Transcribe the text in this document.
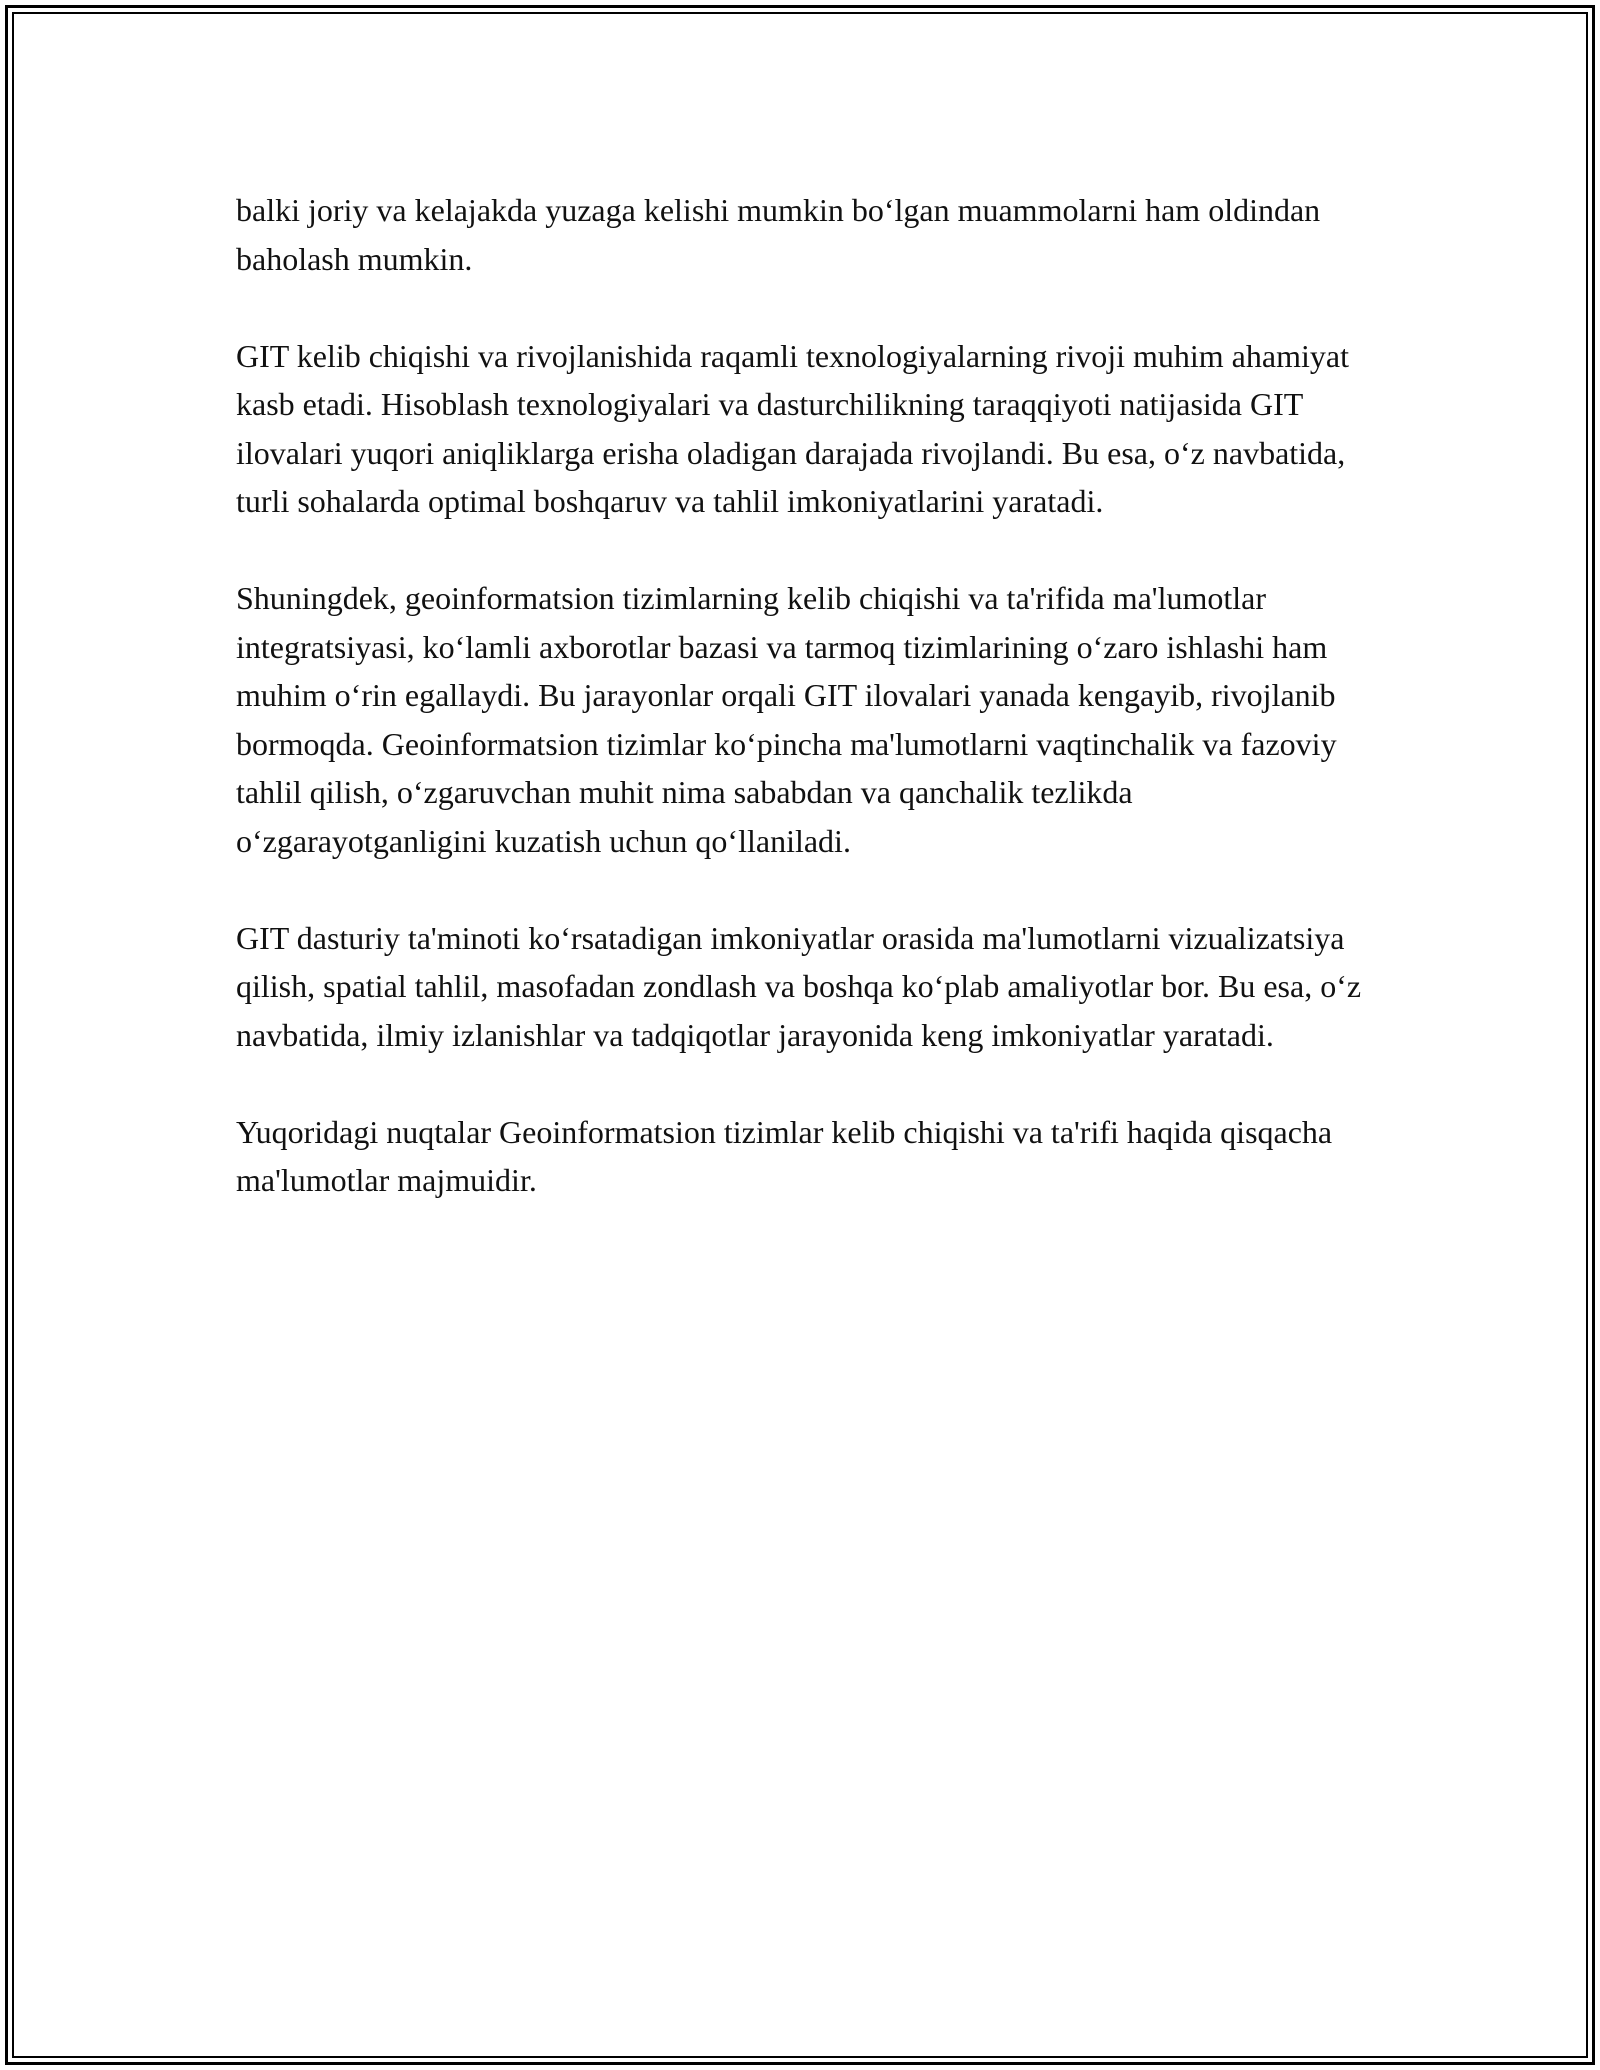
balki joriy va kelajakda yuzaga kelishi mumkin bo‘lgan muammolarni ham oldindan baholash mumkin.

GIT kelib chiqishi va rivojlanishida raqamli texnologiyalarning rivoji muhim ahamiyat kasb etadi. Hisoblash texnologiyalari va dasturchilikning taraqqiyoti natijasida GIT ilovalari yuqori aniqliklarga erisha oladigan darajada rivojlandi. Bu esa, o‘z navbatida, turli sohalarda optimal boshqaruv va tahlil imkoniyatlarini yaratadi.

Shuningdek, geoinformatsion tizimlarning kelib chiqishi va ta'rifida ma'lumotlar integratsiyasi, ko‘lamli axborotlar bazasi va tarmoq tizimlarining o‘zaro ishlashi ham muhim o‘rin egallaydi. Bu jarayonlar orqali GIT ilovalari yanada kengayib, rivojlanib bormoqda. Geoinformatsion tizimlar ko‘pincha ma'lumotlarni vaqtinchalik va fazoviy tahlil qilish, o‘zgaruvchan muhit nima sababdan va qanchalik tezlikda o‘zgarayotganligini kuzatish uchun qo‘llaniladi.

GIT dasturiy ta'minoti ko‘rsatadigan imkoniyatlar orasida ma'lumotlarni vizualizatsiya qilish, spatial tahlil, masofadan zondlash va boshqa ko‘plab amaliyotlar bor. Bu esa, o‘z navbatida, ilmiy izlanishlar va tadqiqotlar jarayonida keng imkoniyatlar yaratadi.

Yuqoridagi nuqtalar Geoinformatsion tizimlar kelib chiqishi va ta'rifi haqida qisqacha ma'lumotlar majmuidir.
